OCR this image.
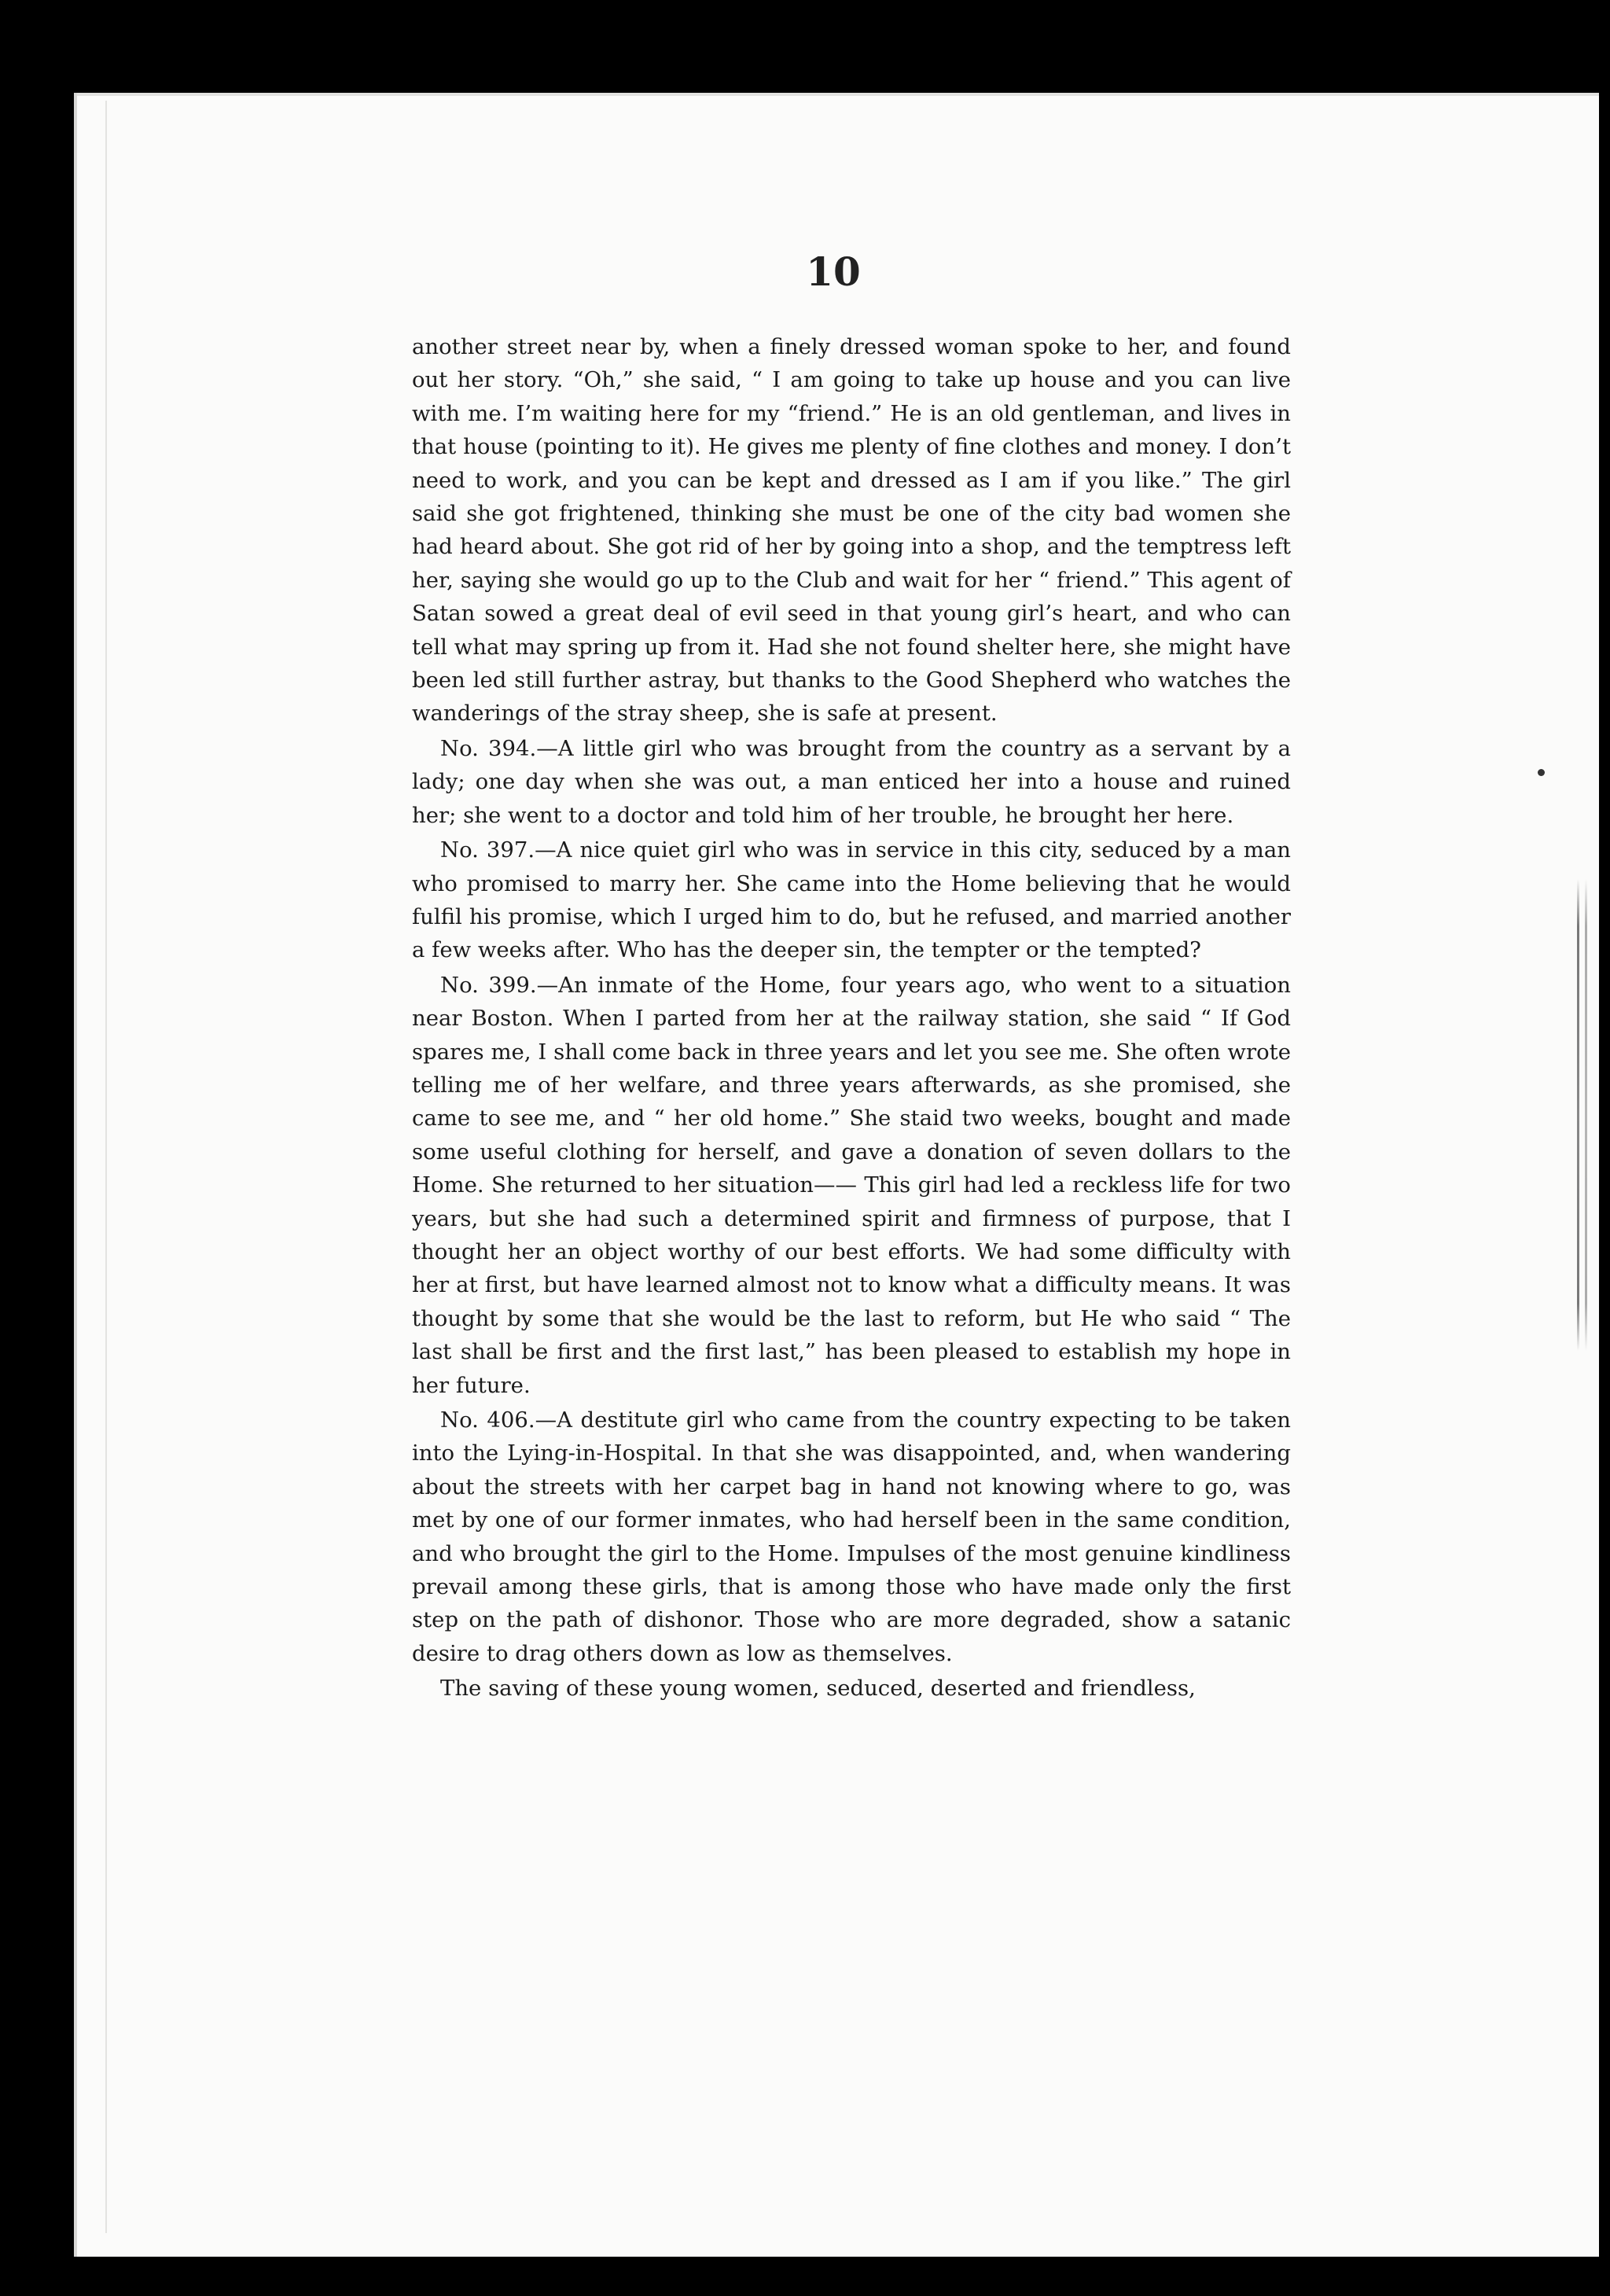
10

another street near by, when a finely dressed woman spoke to her, and found out her story. “Oh,” she said, “ I am going to take up house and you can live with me. I’m waiting here for my “friend.” He is an old gentleman, and lives in that house (pointing to it). He gives me plenty of fine clothes and money. I don’t need to work, and you can be kept and dressed as I am if you like.” The girl said she got frightened, thinking she must be one of the city bad women she had heard about. She got rid of her by going into a shop, and the temptress left her, saying she would go up to the Club and wait for her “ friend.” This agent of Satan sowed a great deal of evil seed in that young girl’s heart, and who can tell what may spring up from it. Had she not found shelter here, she might have been led still further astray, but thanks to the Good Shepherd who watches the wanderings of the stray sheep, she is safe at present.

No. 394.—A little girl who was brought from the country as a servant by a lady; one day when she was out, a man enticed her into a house and ruined her; she went to a doctor and told him of her trouble, he brought her here.

No. 397.—A nice quiet girl who was in service in this city, seduced by a man who promised to marry her. She came into the Home believing that he would fulfil his promise, which I urged him to do, but he refused, and married another a few weeks after. Who has the deeper sin, the tempter or the tempted?

No. 399.—An inmate of the Home, four years ago, who went to a situation near Boston. When I parted from her at the railway station, she said “ If God spares me, I shall come back in three years and let you see me. She often wrote telling me of her welfare, and three years afterwards, as she promised, she came to see me, and “ her old home.” She staid two weeks, bought and made some useful clothing for herself, and gave a donation of seven dollars to the Home. She returned to her situation—— This girl had led a reckless life for two years, but she had such a determined spirit and firmness of purpose, that I thought her an object worthy of our best efforts. We had some difficulty with her at first, but have learned almost not to know what a difficulty means. It was thought by some that she would be the last to reform, but He who said “ The last shall be first and the first last,” has been pleased to establish my hope in her future.

No. 406.—A destitute girl who came from the country expecting to be taken into the Lying-in-Hospital. In that she was disappointed, and, when wandering about the streets with her carpet bag in hand not knowing where to go, was met by one of our former inmates, who had herself been in the same condition, and who brought the girl to the Home. Impulses of the most genuine kindliness prevail among these girls, that is among those who have made only the first step on the path of dishonor. Those who are more degraded, show a satanic desire to drag others down as low as themselves.

The saving of these young women, seduced, deserted and friendless,
